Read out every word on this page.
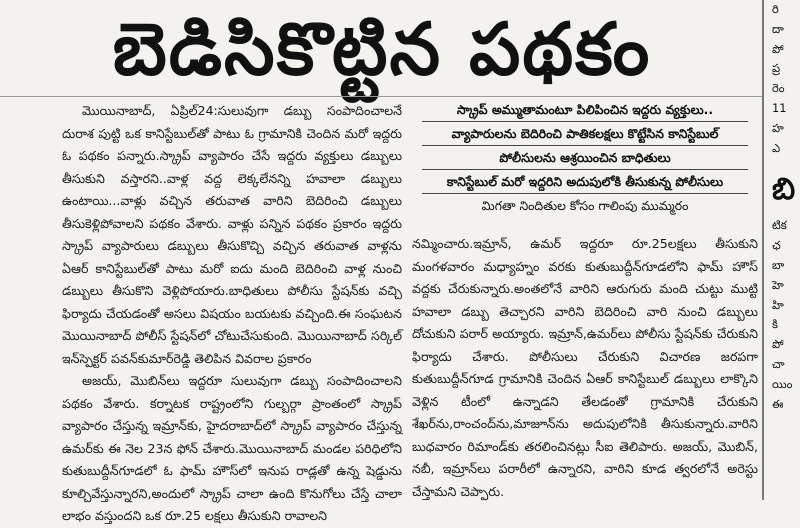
బెడిసికొట్టిన పథకం

మొయినాబాద్, ఏప్రిల్24:సులువుగా డబ్బు సంపాదించాలనే దురాశ పుట్టి ఒక కానిస్టేబుల్‌తో పాటు ఓ గ్రామానికి చెందిన మరో ఇద్దరు ఓ పథకం పన్నారు.స్క్రాప్ వ్యాపారం చేసే ఇద్దరు వ్యక్తులు డబ్బులు తీసుకుని వస్తారని..వాళ్ల వద్ద లెక్కలేనన్ని హవాలా డబ్బులు ఉంటాయి...వాళ్లు వచ్చిన తరువాత వారిని బెదిరించి డబ్బులు తీసుకెళ్లిపోవాలని పథకం వేశారు. వాళ్లు పన్నిన పథకం ప్రకారం ఇద్దరు స్క్రాప్ వ్యాపారులు డబ్బులు తీసుకొచ్చి వచ్చిన తరువాత వాళ్లను ఏఆర్ కానిస్టేబుల్‌తో పాటు మరో ఐదు మంది బెదిరించి వాళ్ల నుంచి డబ్బులు తీసుకొని వెళ్లిపోయారు.బాధితులు పోలీసు స్టేషన్‌కు వచ్చి ఫిర్యాదు చేయడంతో అసలు విషయం బయటకు వచ్చింది.ఈ సంఘటన మొయినాబాద్ పోలీస్ స్టేషన్‌లో చోటుచేసుకుంది. మొయినాబాద్ సర్కిల్ ఇన్‌స్పెక్టర్ పవన్‌కుమార్‌రెడ్డి తెలిపిన వివరాల ప్రకారం

అజయ్, మొబిన్‌లు ఇద్దరూ సులువుగా డబ్బు సంపాదించాలని పథకం వేశారు. కర్నాటక రాష్ట్రంలోని గుల్బర్గా ప్రాంతంలో స్క్రాప్ వ్యాపారం చేస్తున్న ఇమ్రాన్‌కు, హైదరాబాద్‌లో స్క్రాప్ వ్యాపారం చేస్తున్న ఉమర్‌కు ఈ నెల 23న ఫోన్ చేశారు.మొయినాబాద్ మండల పరిధిలోని కుతుబుద్దీన్‌గూడలో ఓ ఫామ్ హౌస్‌లో ఇనుప రాడ్లతో ఉన్న షెడ్డును కూల్చివేస్తున్నారని,అందులో స్క్రాప్ చాలా ఉంది కొనుగోలు చేస్తే చాలా లాభం వస్తుందని ఒక రూ.25 లక్షలు తీసుకుని రావాలని

స్క్రాప్ అమ్ముతామంటూ పిలిపించిన ఇద్దరు వ్యక్తులు..
వ్యాపారులను బెదిరించి పాతికలక్షలు కొట్టేసిన కానిస్టేబుల్
పోలీసులను ఆశ్రయించిన బాధితులు
కానిస్టేబుల్ మరో ఇద్దరిని అదుపులోకి తీసుకున్న పోలీసులు
మిగతా నిందితుల కోసం గాలింపు ముమ్మరం

నమ్మించారు.ఇమ్రాన్, ఉమర్ ఇద్దరూ రూ.25లక్షలు తీసుకుని మంగళవారం మధ్యాహ్నం వరకు కుతుబుద్దీన్‌గూడలోని ఫామ్ హౌస్ వద్దకు చేరుకున్నారు.అంతలోనే వారిని ఆరుగురు మంది చుట్టు ముట్టి హవాలా డబ్బు తెచ్చారని వారిని బెదిరించి వారి నుంచి డబ్బులు దోచుకుని పరార్ అయ్యారు. ఇమ్రాన్,ఉమర్‌లు పోలీసు స్టేషన్‌కు చేరుకుని ఫిర్యాదు చేశారు. పోలీసులు చేరుకుని విచారణ జరపగా కుతుబుద్దీన్‌గూడ గ్రామానికి చెందిన ఏఆర్ కానిస్టేబుల్ డబ్బులు లాక్కొని వెళ్లిన టీంలో ఉన్నాడని తేలడంతో గ్రామానికి చేరుకుని శేఖర్‌ను,రాంచంద్‌ను,మాజూన్‌ను అదుపులోనికి తీసుకున్నారు.వారిని బుధవారం రిమాండ్‌కు తరలించినట్లు సీఐ తెలిపారు. అజయ్, మొబిన్, నబీ, ఇమ్రాన్‌లు పరారీలో ఉన్నారని, వారిని కూడ త్వరలోనే అరెస్టు చేస్తామని చెప్పారు.

రి
దా
పో
ప్ర
రెం
11
హ
ఎ
బి
టిక
ఛ
బా
హె
హి
కి
పో
చా
యిం
ఈ
